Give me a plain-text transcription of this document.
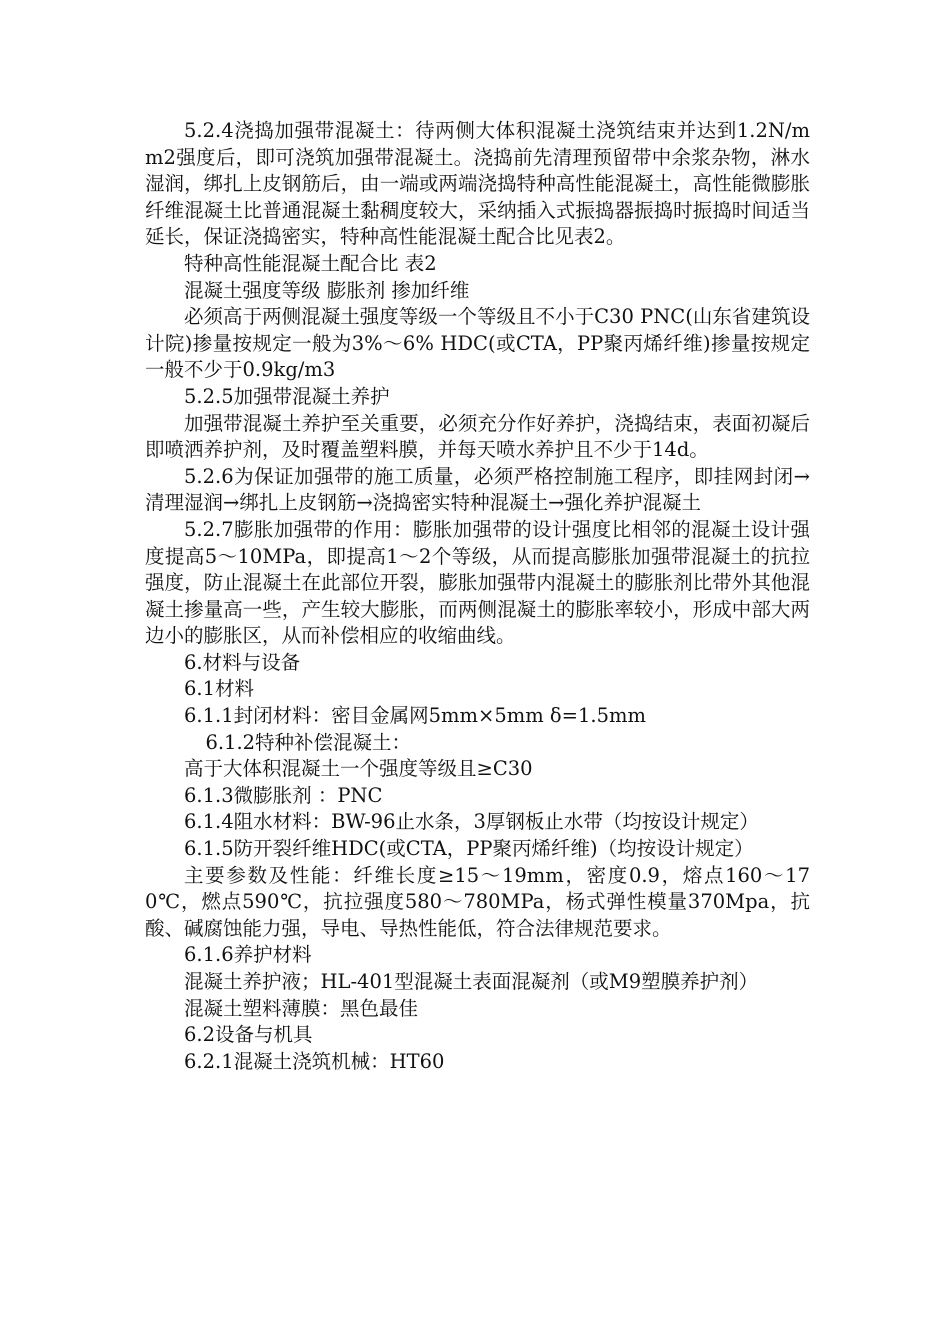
5.2.4浇捣加强带混凝土：待两侧大体积混凝土浇筑结束并达到1.2N/mm2强度后，即可浇筑加强带混凝土。浇捣前先清理预留带中余浆杂物，淋水湿润，绑扎上皮钢筋后，由一端或两端浇捣特种高性能混凝土，高性能微膨胀纤维混凝土比普通混凝土黏稠度较大，采纳插入式振捣器振捣时振捣时间适当延长，保证浇捣密实，特种高性能混凝土配合比见表2。

特种高性能混凝土配合比 表2

混凝土强度等级 膨胀剂 掺加纤维

必须高于两侧混凝土强度等级一个等级且不小于C30 PNC(山东省建筑设计院)掺量按规定一般为3%～6% HDC(或CTA，PP聚丙烯纤维)掺量按规定一般不少于0.9kg/m3

5.2.5加强带混凝土养护

加强带混凝土养护至关重要，必须充分作好养护，浇捣结束，表面初凝后即喷洒养护剂，及时覆盖塑料膜，并每天喷水养护且不少于14d。

5.2.6为保证加强带的施工质量，必须严格控制施工程序，即挂网封闭→清理湿润→绑扎上皮钢筋→浇捣密实特种混凝土→强化养护混凝土

5.2.7膨胀加强带的作用：膨胀加强带的设计强度比相邻的混凝土设计强度提高5～10MPa，即提高1～2个等级，从而提高膨胀加强带混凝土的抗拉强度，防止混凝土在此部位开裂，膨胀加强带内混凝土的膨胀剂比带外其他混凝土掺量高一些，产生较大膨胀，而两侧混凝土的膨胀率较小，形成中部大两边小的膨胀区，从而补偿相应的收缩曲线。

6.材料与设备

6.1材料

6.1.1封闭材料：密目金属网5mm×5mm δ=1.5mm

6.1.2特种补偿混凝土：

高于大体积混凝土一个强度等级且≥C30

6.1.3微膨胀剂 ：PNC

6.1.4阻水材料：BW-96止水条，3厚钢板止水带（均按设计规定）

6.1.5防开裂纤维HDC(或CTA，PP聚丙烯纤维)（均按设计规定）

主要参数及性能：纤维长度≥15～19mm，密度0.9，熔点160～170℃，燃点590℃，抗拉强度580～780MPa，杨式弹性模量370Mpa，抗酸、碱腐蚀能力强，导电、导热性能低，符合法律规范要求。

6.1.6养护材料

混凝土养护液；HL-401型混凝土表面混凝剂（或M9塑膜养护剂）

混凝土塑料薄膜：黑色最佳

6.2设备与机具

6.2.1混凝土浇筑机械：HT60
